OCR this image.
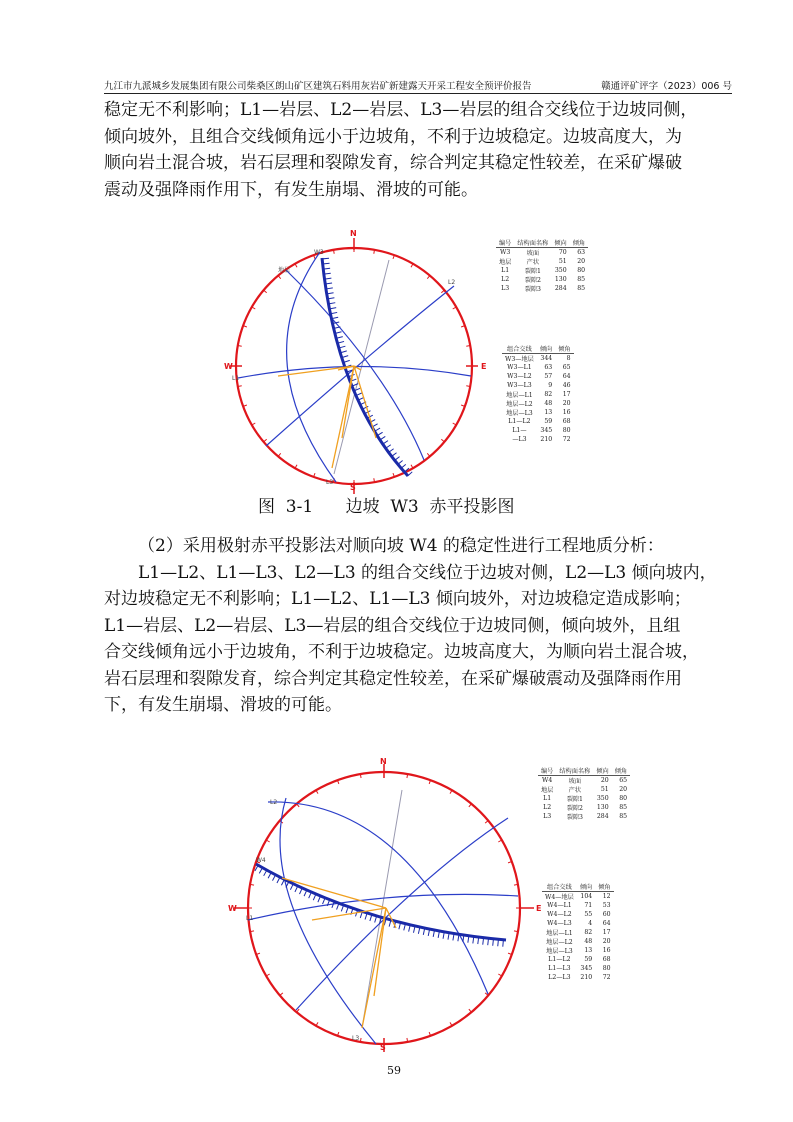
九江市九派城乡发展集团有限公司柴桑区朗山矿区建筑石料用灰岩矿新建露天开采工程安全预评价报告	赣通评矿评字（2023）006 号

稳定无不利影响；L1—岩层、L2—岩层、L3—岩层的组合交线位于边坡同侧，

倾向坡外，且组合交线倾角远小于边坡角，不利于边坡稳定。边坡高度大，为

顺向岩土混合坡，岩石层理和裂隙发育，综合判定其稳定性较差，在采矿爆破

震动及强降雨作用下，有发生崩塌、滑坡的可能。

N
S
E
W
W3
地层
L1
L2
L3
编号	结构面名称	倾向	倾角
W3	坡面	70	63
地层	产状	51	20
L1	裂隙1	350	80
L2	裂隙2	130	85
L3	裂隙3	284	85
组合交线	倾向	倾角
W3—地层	344	8
W3—L1	63	65
W3—L2	57	64
W3—L3	9	46
地层—L1	82	17
地层—L2	48	20
地层—L3	13	16
L1—L2	59	68
L1—	345	80
—L3	210	72
图  3-1      边坡  W3  赤平投影图

（2）采用极射赤平投影法对顺向坡 W4 的稳定性进行工程地质分析：

L1—L2、L1—L3、L2—L3 的组合交线位于边坡对侧，L2—L3 倾向坡内，

对边坡稳定无不利影响；L1—L2、L1—L3 倾向坡外，对边坡稳定造成影响；

L1—岩层、L2—岩层、L3—岩层的组合交线位于边坡同侧，倾向坡外，且组

合交线倾角远小于边坡角，不利于边坡稳定。边坡高度大，为顺向岩土混合坡，

岩石层理和裂隙发育，综合判定其稳定性较差，在采矿爆破震动及强降雨作用

下，有发生崩塌、滑坡的可能。

N
S
E
W
W4
L1
L2
L3
编号	结构面名称	倾向	倾角
W4	坡面	20	65
地层	产状	51	20
L1	裂隙1	350	80
L2	裂隙2	130	85
L3	裂隙3	284	85
组合交线	倾向	倾角
W4—地层	104	12
W4—L1	71	53
W4—L2	55	60
W4—L3	4	64
地层—L1	82	17
地层—L2	48	20
地层—L3	13	16
L1—L2	59	68
L1—L3	345	80
L2—L3	210	72
59
